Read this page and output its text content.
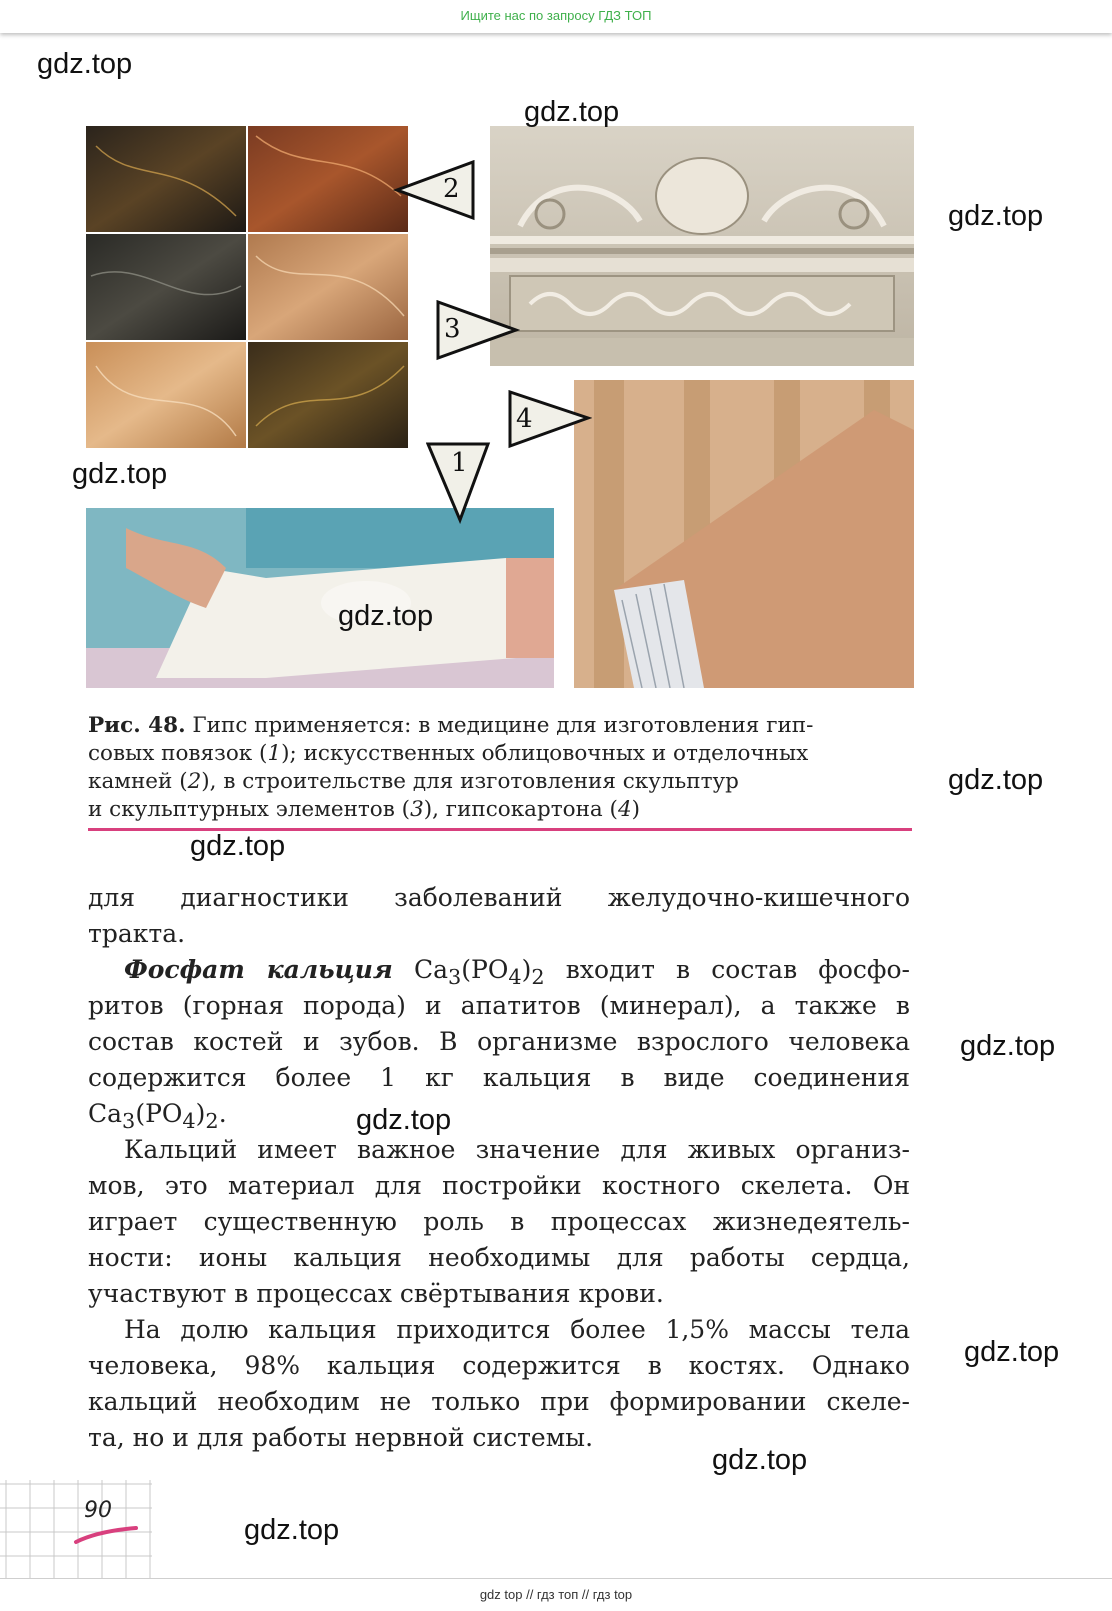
Ищите нас по запросу ГДЗ ТОП
2
3
4
1
Рис. 48. Гипс применяется: в медицине для изготовления гип-
совых повязок (1); искусственных облицовочных и отделочных
камней (2), в строительстве для изготовления скульптур
и скульптурных элементов (3), гипсокартона (4)
для диагностики заболеваний желудочно-кишечного
тракта.
Фосфат кальция $Ca_3(PO_4)_2$ входит в состав фосфо-
ритов (горная порода) и апатитов (минерал), а также в
состав костей и зубов. В организме взрослого человека
содержится более 1 кг кальция в виде соединения
$Ca_3(PO_4)_2$.
Кальций имеет важное значение для живых организ-
мов, это материал для постройки костного скелета. Он
играет существенную роль в процессах жизнедеятель-
ности: ионы кальция необходимы для работы сердца,
участвуют в процессах свёртывания крови.
На долю кальция приходится более 1,5% массы тела
человека, 98% кальция содержится в костях. Однако
кальций необходим не только при формировании скеле-
та, но и для работы нервной системы.
90
gdz.top
gdz.top
gdz.top
gdz.top
gdz.top
gdz.top
gdz.top
gdz.top
gdz.top
gdz.top
gdz.top
gdz.top
gdz top // гдз топ // гдз top
